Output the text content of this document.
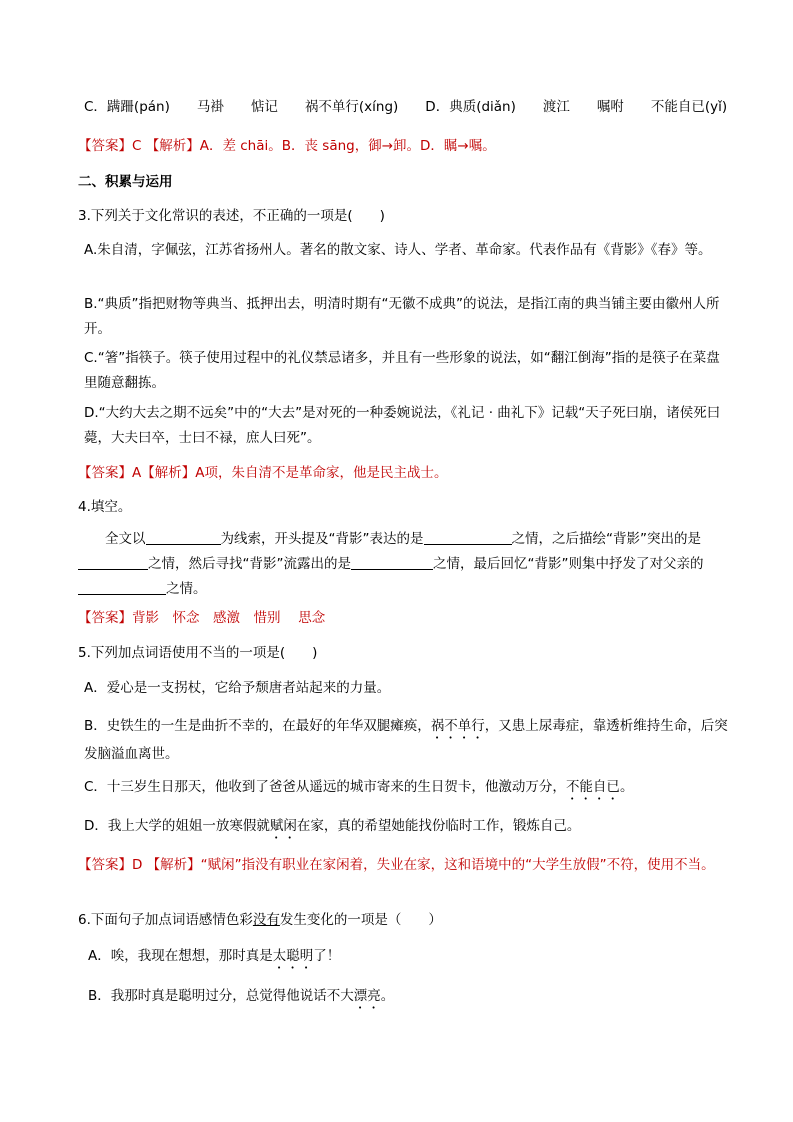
C．蹒跚(pán)　　马褂　　惦记　　祸不单行(xíng)　　D．典质(diǎn)　　渡江　　嘱咐　　不能自已(yǐ)
【答案】C 【解析】A．差 chāi。B．丧 sāng，御→卸。D．瞩→嘱。
二、积累与运用
3.下列关于文化常识的表述，不正确的一项是(　　)
A.朱自清，字佩弦，江苏省扬州人。著名的散文家、诗人、学者、革命家。代表作品有《背影》《春》等。
B.“典质”指把财物等典当、抵押出去，明清时期有“无徽不成典”的说法，是指江南的典当铺主要由徽州人所开。
C.“箸”指筷子。筷子使用过程中的礼仪禁忌诸多，并且有一些形象的说法，如“翻江倒海”指的是筷子在菜盘里随意翻拣。
D.“大约大去之期不远矣”中的“大去”是对死的一种委婉说法，《礼记 · 曲礼下》记载“天子死曰崩，诸侯死曰薨，大夫曰卒，士曰不禄，庶人曰死”。
【答案】A【解析】A项，朱自清不是革命家，他是民主战士。
4.填空。
全文以	为线索，开头提及“背影”表达的是	之情，之后描绘“背影”突出的是之情，然后寻找“背影”流露出的是	之情，最后回忆“背影”则集中抒发了对父亲的之情。
【答案】背影　怀念　感激　惜别　 思念
5.下列加点词语使用不当的一项是(　　)
A．爱心是一支拐杖，它给予颓唐者站起来的力量。
B．史铁生的一生是曲折不幸的，在最好的年华双腿瘫痪，祸不单行，又患上尿毒症，靠透析维持生命，后突发脑溢血离世。
C．十三岁生日那天，他收到了爸爸从遥远的城市寄来的生日贺卡，他激动万分，不能自已。
D．我上大学的姐姐一放寒假就赋闲在家，真的希望她能找份临时工作，锻炼自己。
【答案】D 【解析】“赋闲”指没有职业在家闲着，失业在家，这和语境中的“大学生放假”不符，使用不当。
6.下面句子加点词语感情色彩没有发生变化的一项是（　　）
A．唉，我现在想想，那时真是太聪明了！
B．我那时真是聪明过分，总觉得他说话不大漂亮。
